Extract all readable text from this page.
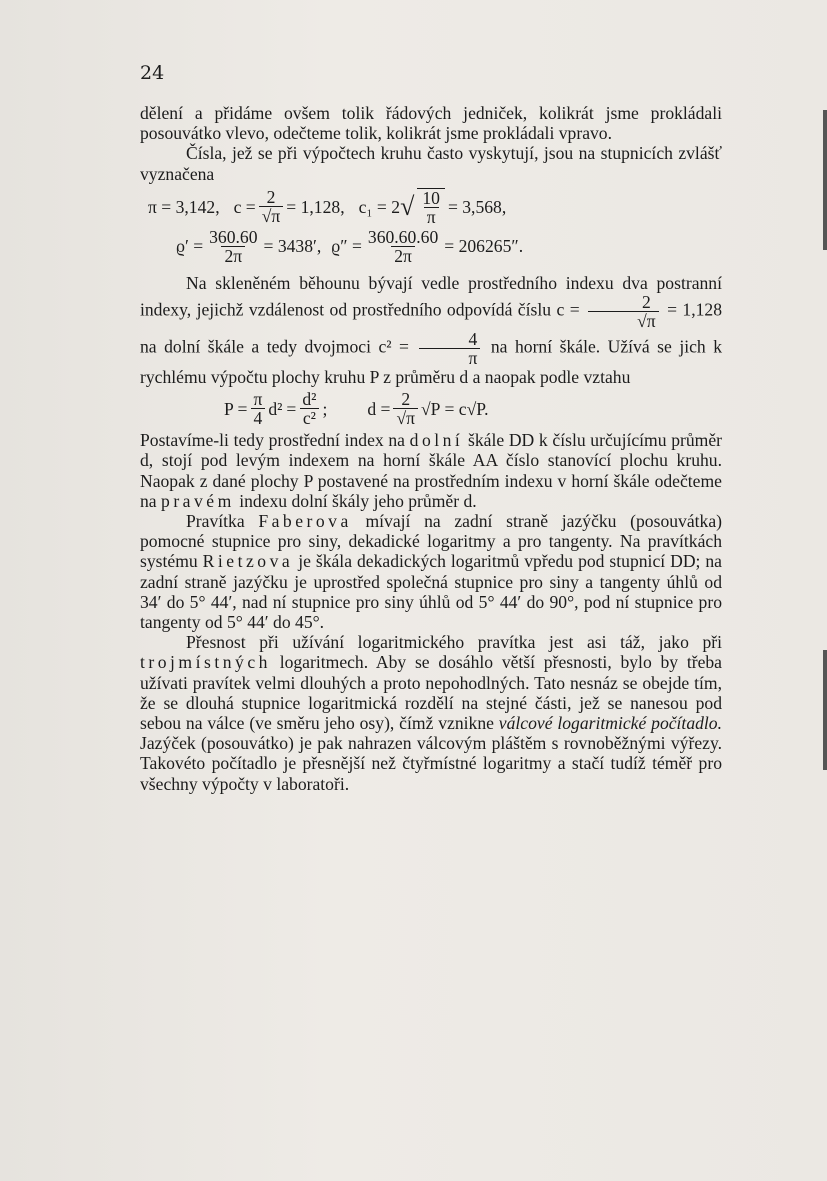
24

dělení a přidáme ovšem tolik řádových jedniček, kolikrát jsme prokládali posouvátko vlevo, odečteme tolik, kolikrát jsme prokládali vpravo.

Čísla, jež se při výpočtech kruhu často vyskytují, jsou na stupnicích zvlášť vyznačena

π = 3,142, $c = \frac{2}{√\pi} = 1,128$, c₁ = 2 √ $\frac{10}{\pi} = 3,568$,
$ϱ' = \frac{360.60}{2\pi} = 3438'$, $ϱ'' = \frac{360.60.60}{2\pi} = 206265''$.

Na skleněném běhounu bývají vedle prostředního indexu dva postranní indexy, jejichž vzdálenost od prostředního odpovídá číslu $c = \frac{2}{√\pi} = 1,128$ na dolní škále a tedy dvojmoci $c^2 = \frac{4}{\pi}$ na horní škále. Užívá se jich k rychlému výpočtu plochy kruhu P z průměru d a naopak podle vztahu

$P = \frac{\pi}{4} d^2 = \frac{\text{d²}}{\text{c²}}$ ; $d = \frac{2}{√\pi} √P = c√P$.

Postavíme-li tedy prostřední index na dolní škále DD k číslu určujícímu průměr d, stojí pod levým indexem na horní škále AA číslo stanovící plochu kruhu. Naopak z dané plochy P postavené na prostředním indexu v horní škále odečteme na pravém indexu dolní škály jeho průměr d.

Pravítka Faberova mívají na zadní straně jazýčku (posouvátka) pomocné stupnice pro siny, dekadické logaritmy a pro tangenty. Na pravítkách systému Rietzova je škála dekadických logaritmů vpředu pod stupnicí DD; na zadní straně jazýčku je uprostřed společná stupnice pro siny a tangenty úhlů od 34′ do 5° 44′, nad ní stupnice pro siny úhlů od 5° 44′ do 90°, pod ní stupnice pro tangenty od 5° 44′ do 45°.

Přesnost při užívání logaritmického pravítka jest asi táž, jako při trojmístných logaritmech. Aby se dosáhlo větší přesnosti, bylo by třeba užívati pravítek velmi dlouhých a proto nepohodlných. Tato nesnáz se obejde tím, že se dlouhá stupnice logaritmická rozdělí na stejné části, jež se nanesou pod sebou na válce (ve směru jeho osy), čímž vznikne válcové logaritmické počítadlo. Jazýček (posouvátko) je pak nahrazen válcovým pláštěm s rovnoběžnými výřezy. Takovéto počítadlo je přesnější než čtyřmístné logaritmy a stačí tudíž téměř pro všechny výpočty v laboratoři.
